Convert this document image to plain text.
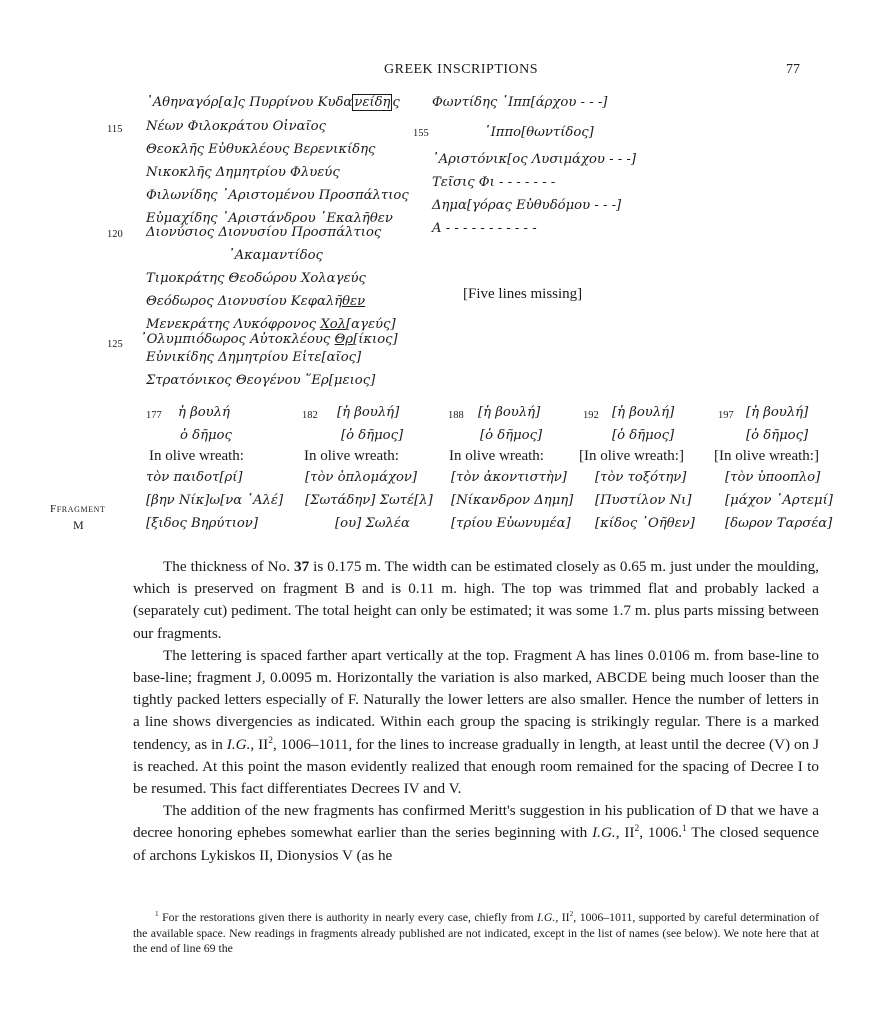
GREEK INSCRIPTIONS	77
᾿Αθηναγόρ[α]ς Πυρρίνου Κυδα νείδη ς
115 Νέων Φιλοκράτου Οἰναῖος
Θεοκλῆς Εὐθυκλέους Βερενικίδης
Νικοκλῆς Δημητρίου Φλυεύς
Φιλωνίδης ᾿Αριστομένου Προσπάλτιος
Εὐμαχίδης ᾿Αριστάνδρου ῾Εκαλῆθεν
120 Διονύσιος Διονυσίου Προσπάλτιος
᾿Ακαμαντίδος
Τιμοκράτης Θεοδώρου Χολαγεύς
Θεόδωρος Διονυσίου Κεφαλῆθεν
Μενεκράτης Λυκόφρονος Χολ[αγεύς]
125 ᾿Ολυμπιόδωρος Αὐτοκλέους Θρ[ίκιος]
Εὐνικίδης Δημητρίου Εἰτε[αῖος]
Στρατόνικος Θεογένου ῞Ερ[μειος]
Φωντίδης ῾Ιππ[άρχου - - -]
155	῾Ιππο[θωντίδος]
᾿Αριστόνικ[ος Λυσιμάχου - - -]
Τεῖσις Φι - - - - - - -
Δημα[γόρας Εὐθυδόμου - - -]
Α - - - - - - - - - - -
[Five lines missing]
Ffragment
M
177 ἡ βουλή
ὁ δῆμος
In olive wreath:
τὸν παιδοτ[ρί]
[βην Νίκ]ω[να ᾿Αλέ]
[ξιδος Βηρύτιον]
182 [ἡ βουλή]
[ὁ δῆμος]
In olive wreath:
[τὸν ὁπλομάχον]
[Σωτάδην] Σωτέ[λ]
[ου] Σωλέα
188 [ἡ βουλή]
[ὁ δῆμος]
In olive wreath:
[τὸν ἀκοντιστὴν]
[Νίκανδρον Δημη]
[τρίου Εὐωνυμέα]
192 [ἡ βουλή]
[ὁ δῆμος]
[In olive wreath:]
[τὸν τοξότην]
[Πυστίλον Νι]
[κίδος ᾿Οῆθεν]
197 [ἡ βουλή]
[ὁ δῆμος]
[In olive wreath:]
[τὸν ὑποοπλο]
[μάχον ᾿Αρτεμί]
[δωρον Ταρσέα]

The thickness of No. 37 is 0.175 m. The width can be estimated closely as 0.65 m. just under the moulding, which is preserved on fragment B and is 0.11 m. high. The top was trimmed flat and probably lacked a (separately cut) pediment. The total height can only be estimated; it was some 1.7 m. plus parts missing between our fragments.

The lettering is spaced farther apart vertically at the top. Fragment A has lines 0.0106 m. from base-line to base-line; fragment J, 0.0095 m. Horizontally the variation is also marked, ABCDE being much looser than the tightly packed letters especially of F. Naturally the lower letters are also smaller. Hence the number of letters in a line shows divergencies as indicated. Within each group the spacing is strikingly regular. There is a marked tendency, as in I.G., $II^2$, 1006–1011, for the lines to increase gradually in length, at least until the decree (V) on J is reached. At this point the mason evidently realized that enough room remained for the spacing of Decree I to be resumed. This fact differentiates Decrees IV and V.

The addition of the new fragments has confirmed Meritt's suggestion in his publication of D that we have a decree honoring ephebes somewhat earlier than the series beginning with I.G., $II^2$, 1006.$^1$ The closed sequence of archons Lykiskos II, Dionysios V (as he

$^1$ For the restorations given there is authority in nearly every case, chiefly from I.G., $II^2$, 1006–1011, supported by careful determination of the available space. New readings in fragments already published are not indicated, except in the list of names (see below). We note here that at the end of line 69 the
